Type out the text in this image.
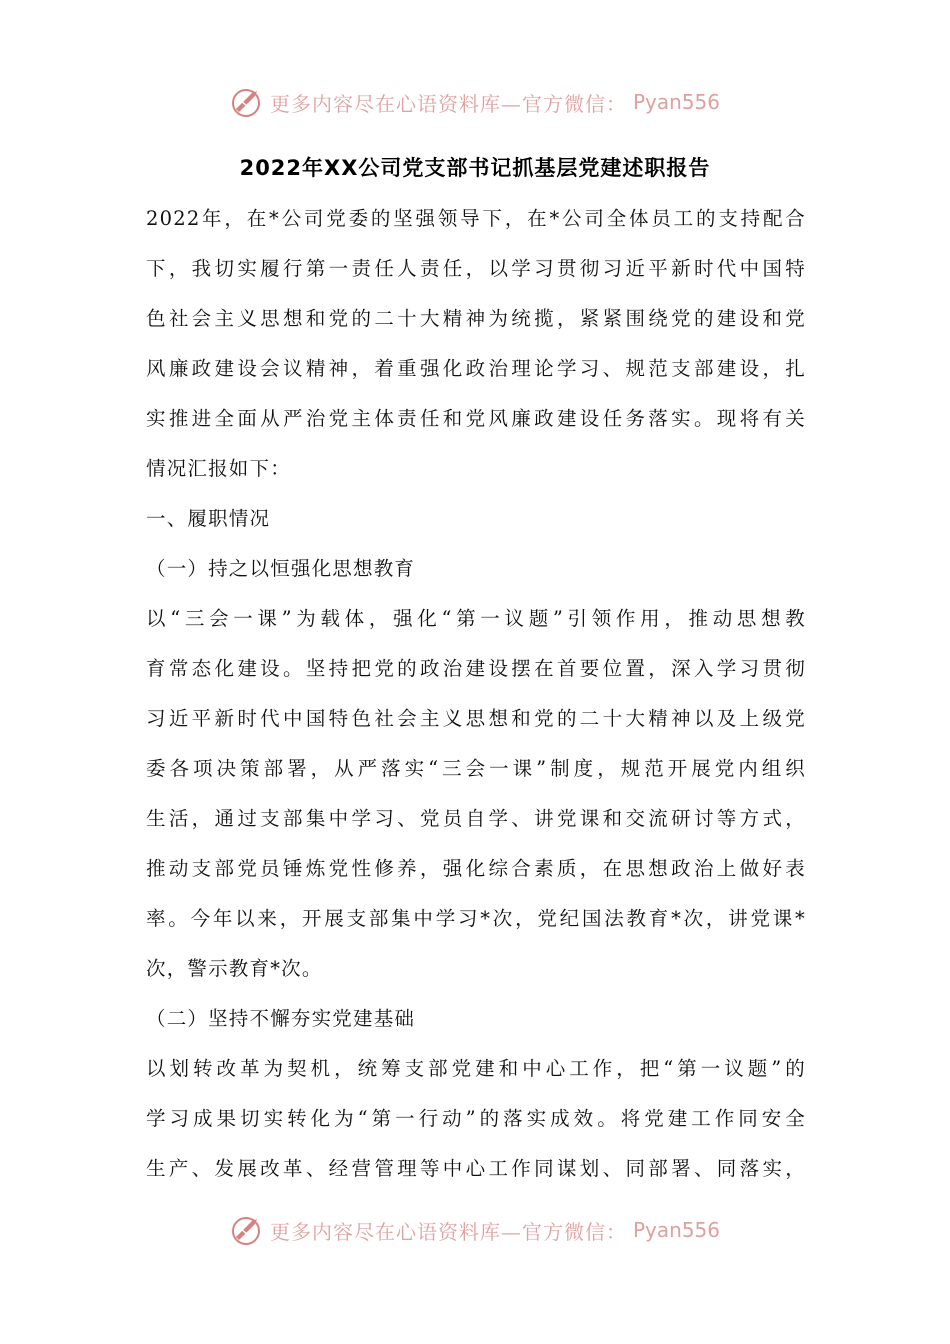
更多内容尽在心语资料库—官方微信： Pyan556
2022年XX公司党支部书记抓基层党建述职报告
2022年，在*公司党委的坚强领导下，在*公司全体员工的支持配合
下，我切实履行第一责任人责任，以学习贯彻习近平新时代中国特
色社会主义思想和党的二十大精神为统揽，紧紧围绕党的建设和党
风廉政建设会议精神，着重强化政治理论学习、规范支部建设，扎
实推进全面从严治党主体责任和党风廉政建设任务落实。现将有关
情况汇报如下：
一、履职情况
（一）持之以恒强化思想教育
以“三会一课”为载体，强化“第一议题”引领作用，推动思想教
育常态化建设。坚持把党的政治建设摆在首要位置，深入学习贯彻
习近平新时代中国特色社会主义思想和党的二十大精神以及上级党
委各项决策部署，从严落实“三会一课”制度，规范开展党内组织
生活，通过支部集中学习、党员自学、讲党课和交流研讨等方式，
推动支部党员锤炼党性修养，强化综合素质，在思想政治上做好表
率。今年以来，开展支部集中学习*次，党纪国法教育*次，讲党课*
次，警示教育*次。
（二）坚持不懈夯实党建基础
以划转改革为契机，统筹支部党建和中心工作，把“第一议题”的
学习成果切实转化为“第一行动”的落实成效。将党建工作同安全
生产、发展改革、经营管理等中心工作同谋划、同部署、同落实，
更多内容尽在心语资料库—官方微信： Pyan556
